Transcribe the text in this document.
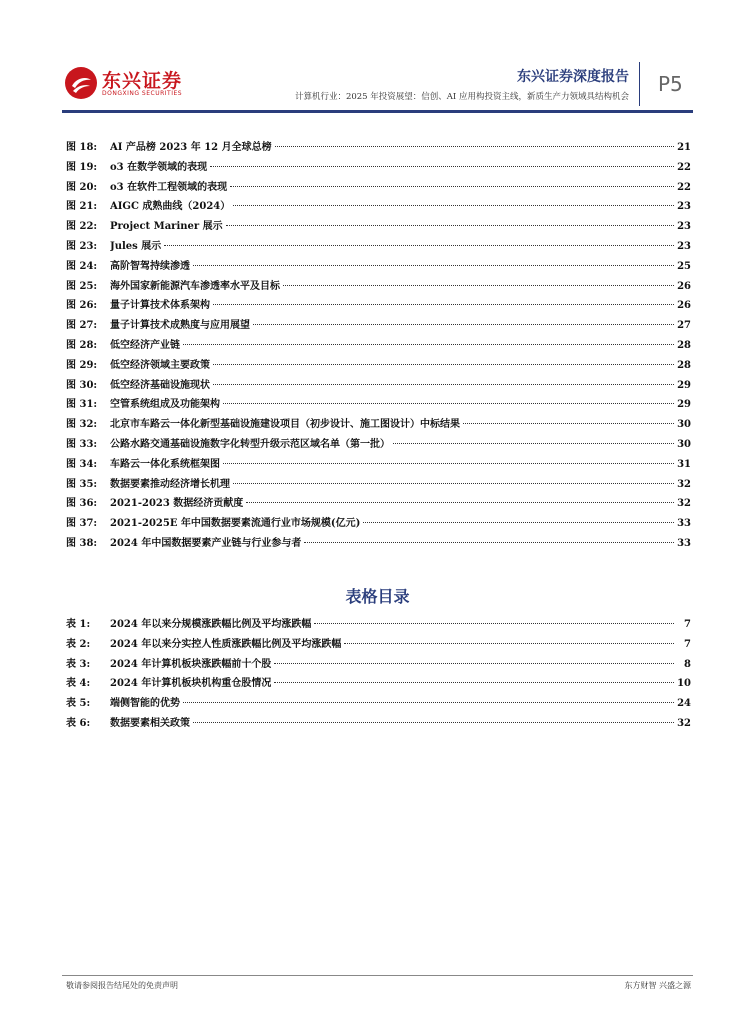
东兴证券
DONGXING SECURITIES
东兴证券深度报告
计算机行业：2025 年投资展望：信创、AI 应用构投资主线，新质生产力领域具结构机会
P5
图 18:	AI 产品榜 2023 年 12 月全球总榜	21
图 19:	o3 在数学领域的表现	22
图 20:	o3 在软件工程领域的表现	22
图 21:	AIGC 成熟曲线（2024）	23
图 22:	Project Mariner 展示	23
图 23:	Jules 展示	23
图 24:	高阶智驾持续渗透	25
图 25:	海外国家新能源汽车渗透率水平及目标	26
图 26:	量子计算技术体系架构	26
图 27:	量子计算技术成熟度与应用展望	27
图 28:	低空经济产业链	28
图 29:	低空经济领域主要政策	28
图 30:	低空经济基础设施现状	29
图 31:	空管系统组成及功能架构	29
图 32:	北京市车路云一体化新型基础设施建设项目（初步设计、施工图设计）中标结果	30
图 33:	公路水路交通基础设施数字化转型升级示范区域名单（第一批）	30
图 34:	车路云一体化系统框架图	31
图 35:	数据要素推动经济增长机理	32
图 36:	2021-2023 数据经济贡献度	32
图 37:	2021-2025E 年中国数据要素流通行业市场规模(亿元)	33
图 38:	2024 年中国数据要素产业链与行业参与者	33
表格目录
表 1:	2024 年以来分规模涨跌幅比例及平均涨跌幅	7
表 2:	2024 年以来分实控人性质涨跌幅比例及平均涨跌幅	7
表 3:	2024 年计算机板块涨跌幅前十个股	8
表 4:	2024 年计算机板块机构重仓股情况	10
表 5:	端侧智能的优势	24
表 6:	数据要素相关政策	32
敬请参阅报告结尾处的免责声明	东方财智 兴盛之源
